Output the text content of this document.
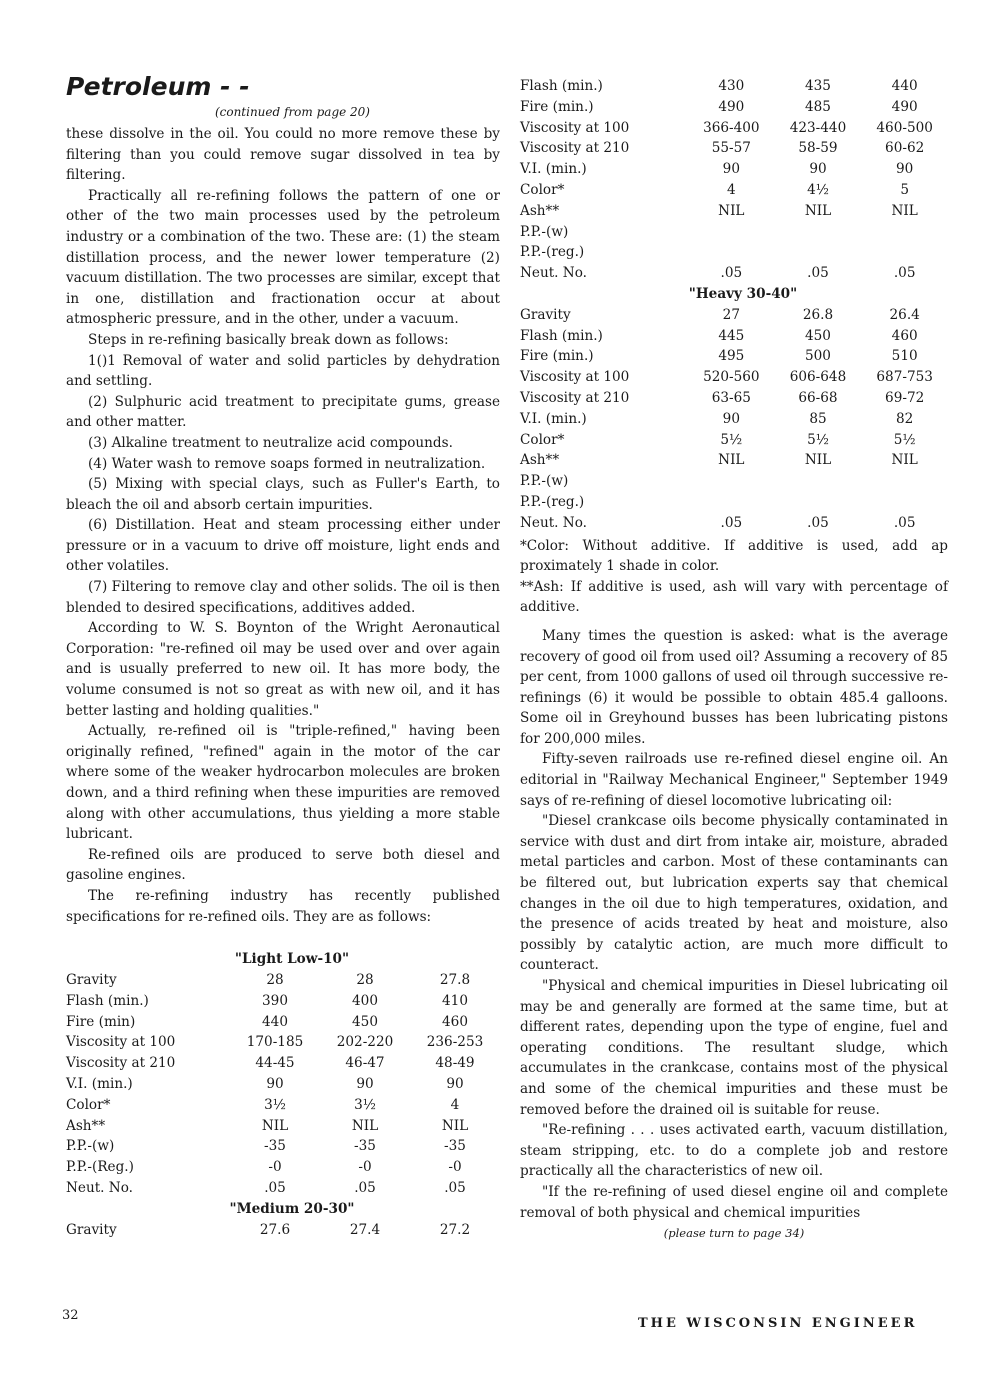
Petroleum - -
(continued from page 20)

these dissolve in the oil. You could no more remove these by filtering than you could remove sugar dissolved in tea by filtering.

Practically all re-refining follows the pattern of one or other of the two main processes used by the petroleum industry or a combination of the two. These are: (1) the steam distillation process, and the newer lower temperature (2) vacuum distillation. The two processes are similar, except that in one, distillation and fractionation occur at about atmospheric pressure, and in the other, under a vacuum.

Steps in re-refining basically break down as follows:

1()1 Removal of water and solid particles by dehydration and settling.

(2) Sulphuric acid treatment to precipitate gums, grease and other matter.

(3) Alkaline treatment to neutralize acid compounds.

(4) Water wash to remove soaps formed in neutralization.

(5) Mixing with special clays, such as Fuller's Earth, to bleach the oil and absorb certain impurities.

(6) Distillation. Heat and steam processing either under pressure or in a vacuum to drive off moisture, light ends and other volatiles.

(7) Filtering to remove clay and other solids. The oil is then blended to desired specifications, additives added.

According to W. S. Boynton of the Wright Aeronautical Corporation: "re-refined oil may be used over and over again and is usually preferred to new oil. It has more body, the volume consumed is not so great as with new oil, and it has better lasting and holding qualities."

Actually, re-refined oil is "triple-refined," having been originally refined, "refined" again in the motor of the car where some of the weaker hydrocarbon molecules are broken down, and a third refining when these impurities are removed along with other accumulations, thus yielding a more stable lubricant.

Re-refined oils are produced to serve both diesel and gasoline engines.

The re-refining industry has recently published specifications for re-refined oils. They are as follows:

"Light Low-10"			
Gravity	28	28	27.8
Flash (min.)	390	400	410
Fire (min)	440	450	460
Viscosity at 100	170-185	202-220	236-253
Viscosity at 210	44-45	46-47	48-49
V.I. (min.)	90	90	90
Color*	3½	3½	4
Ash**	NIL	NIL	NIL
P.P.-(w)	-35	-35	-35
P.P.-(Reg.)	-0	-0	-0
Neut. No.	.05	.05	.05
"Medium 20-30"			
Gravity	27.6	27.4	27.2
Flash (min.)	430	435	440
Fire (min.)	490	485	490
Viscosity at 100	366-400	423-440	460-500
Viscosity at 210	55-57	58-59	60-62
V.I. (min.)	90	90	90
Color*	4	4½	5
Ash**	NIL	NIL	NIL
P.P.-(w)			
P.P.-(reg.)			
Neut. No.	.05	.05	.05
"Heavy 30-40"			
Gravity	27	26.8	26.4
Flash (min.)	445	450	460
Fire (min.)	495	500	510
Viscosity at 100	520-560	606-648	687-753
Viscosity at 210	63-65	66-68	69-72
V.I. (min.)	90	85	82
Color*	5½	5½	5½
Ash**	NIL	NIL	NIL
P.P.-(w)			
P.P.-(reg.)			
Neut. No.	.05	.05	.05

*Color: Without additive. If additive is used, add ap proximately 1 shade in color.

**Ash: If additive is used, ash will vary with percentage of additive.

Many times the question is asked: what is the average recovery of good oil from used oil? Assuming a recovery of 85 per cent, from 1000 gallons of used oil through successive re-refinings (6) it would be possible to obtain 485.4 galloons. Some oil in Greyhound busses has been lubricating pistons for 200,000 miles.

Fifty-seven railroads use re-refined diesel engine oil. An editorial in "Railway Mechanical Engineer," September 1949 says of re-refining of diesel locomotive lubricating oil:

"Diesel crankcase oils become physically contaminated in service with dust and dirt from intake air, moisture, abraded metal particles and carbon. Most of these contaminants can be filtered out, but lubrication experts say that chemical changes in the oil due to high temperatures, oxidation, and the presence of acids treated by heat and moisture, also possibly by catalytic action, are much more difficult to counteract.

"Physical and chemical impurities in Diesel lubricating oil may be and generally are formed at the same time, but at different rates, depending upon the type of engine, fuel and operating conditions. The resultant sludge, which accumulates in the crankcase, contains most of the physical and some of the chemical impurities and these must be removed before the drained oil is suitable for reuse.

"Re-refining . . . uses activated earth, vacuum distillation, steam stripping, etc. to do a complete job and restore practically all the characteristics of new oil.

"If the re-refining of used diesel engine oil and complete removal of both physical and chemical impurities

(please turn to page 34)
32
THE WISCONSIN ENGINEER
